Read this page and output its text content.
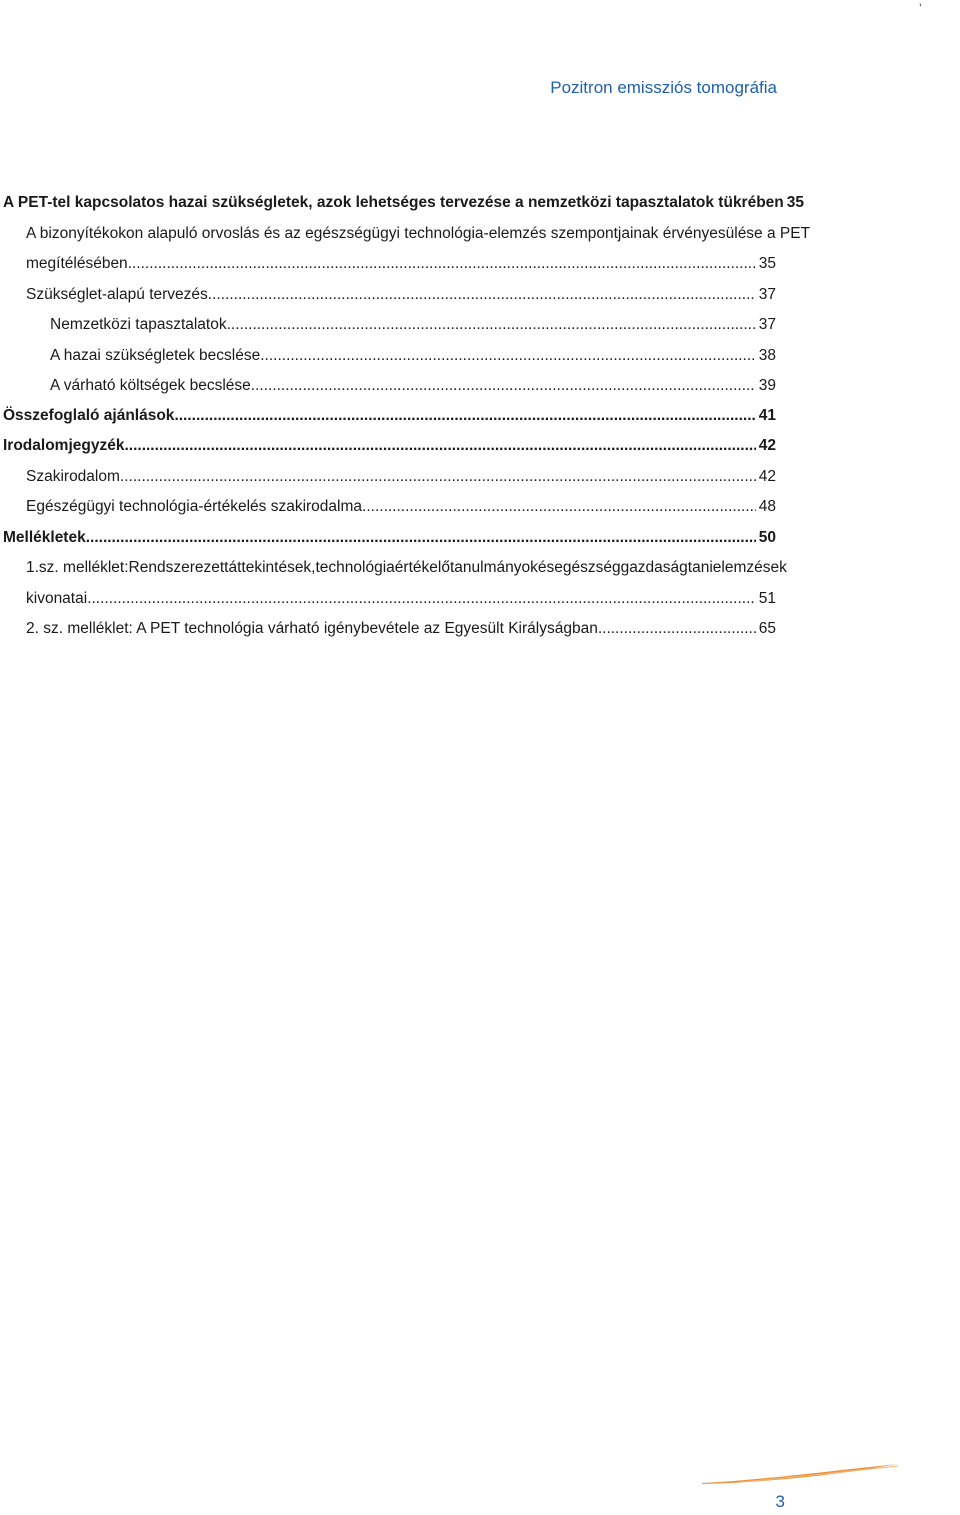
,
Pozitron emissziós tomográfia
A PET-tel kapcsolatos hazai szükségletek, azok lehetséges tervezése a nemzetközi tapasztalatok tükrében 35
A bizonyítékokon alapuló orvoslás és az egészségügyi technológia-elemzés szempontjainak érvényesülése a PET
megítélésében .....	35
Szükséglet-alapú tervezés .....	37
Nemzetközi tapasztalatok .....	37
A hazai szükségletek becslése .....	38
A várható költségek becslése .....	39
Összefoglaló ajánlások .....	41
Irodalomjegyzék .....	42
Szakirodalom .....	42
Egészégügyi technológia-értékelés szakirodalma .....	48
Mellékletek .....	50
1.sz. melléklet: Rendszerezett áttekintések, technológia értékelő tanulmányok és egészséggazdaságtani elemzések
kivonatai .....	51
2. sz. melléklet: A PET technológia várható igénybevétele az Egyesült Királyságban. .....	65
3
